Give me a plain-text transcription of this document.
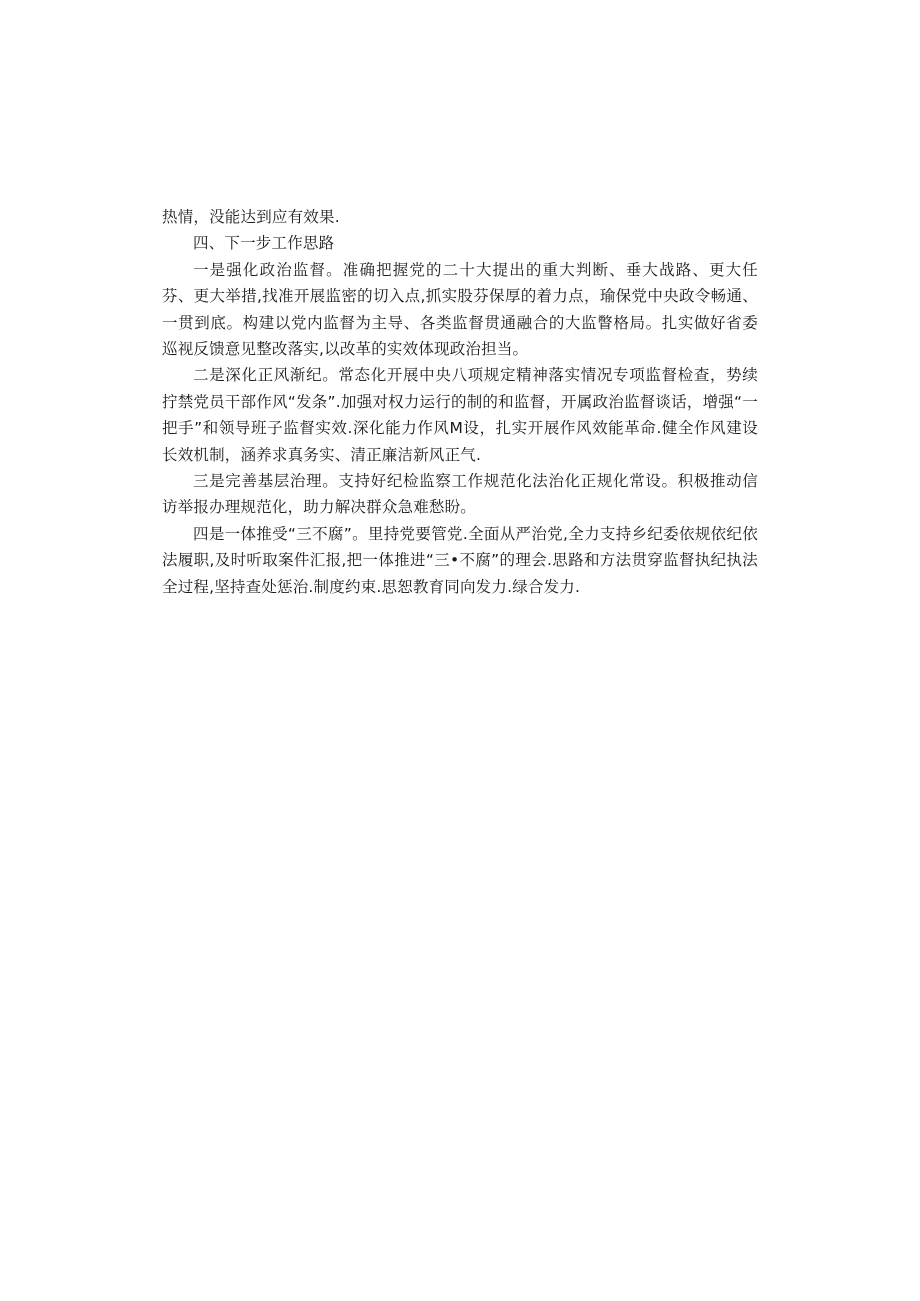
热情，没能达到应有效果.

四、下一步工作思路

一是强化政治监督。准确把握党的二十大提出的重大判断、垂大战路、更大任芬、更大举措,找准开展监密的切入点,抓实股芬保厚的着力点，瑜保党中央政令畅通、一贯到底。构建以党内监督为主导、各类监督贯通融合的大监瞥格局。扎实做好省委巡视反馈意见整改落实,以改革的实效体现政治担当。

二是深化正风渐纪。常态化开展中央八项规定精神落实情况专项监督检查，势续拧禁党员干部作风“发条”.加强对权力运行的制的和监督，开属政治监督谈话，增强“一把手”和领导班子监督实效.深化能力作风M设，扎实开展作风效能革命.健全作风建设长效机制，涵养求真务实、清正廉洁新风正气.

三是完善基层治理。支持好纪检监察工作规范化法治化正规化常设。积极推动信访举报办理规范化，助力解决群众急难愁盼。

四是一体推受“三不腐”。里持党要管党.全面从严治党,全力支持乡纪委依规依纪依法履职,及时听取案件汇报,把一体推进“三•不腐”的理会.思路和方法贯穿监督执纪执法全过程,坚持查处惩治.制度约束.思恕教育同向发力.绿合发力.
